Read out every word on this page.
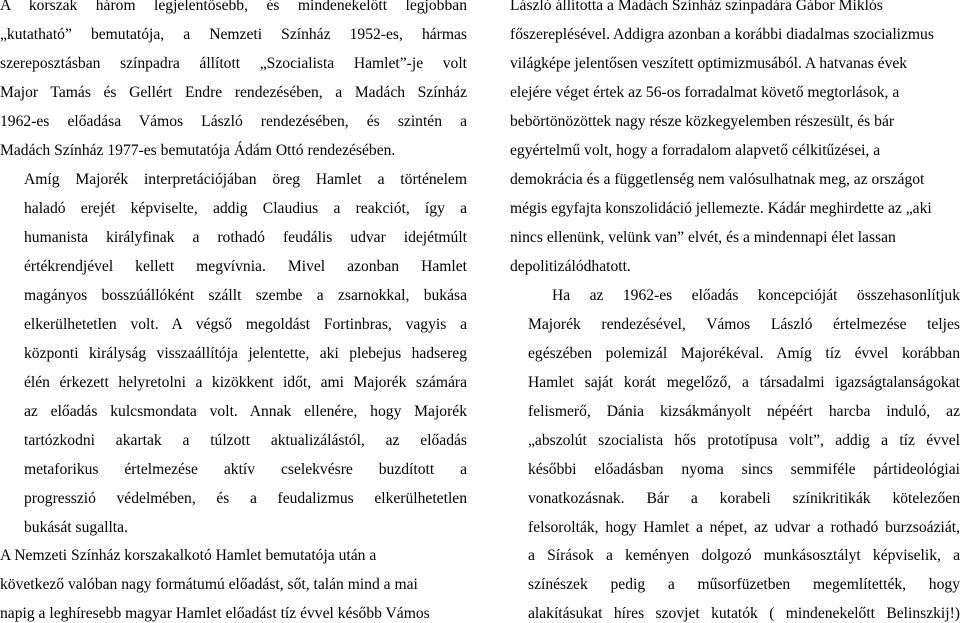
A korszak három legjelentősebb, és mindenekelőtt legjobban
„kutatható” bemutatója, a Nemzeti Színház 1952-es, hármas
szereposztásban színpadra állított „Szocialista Hamlet”-je volt
Major Tamás és Gellért Endre rendezésében, a Madách Színház
1962-es előadása Vámos László rendezésében, és szintén a
Madách Színház 1977-es bemutatója Ádám Ottó rendezésében.
Amíg Majorék interpretációjában öreg Hamlet a történelem
haladó erejét képviselte, addig Claudius a reakciót, így a
humanista királyfinak a rothadó feudális udvar idejétmúlt
értékrendjével kellett megvívnia. Mivel azonban Hamlet
magányos bosszúállóként szállt szembe a zsarnokkal, bukása
elkerülhetetlen volt. A végső megoldást Fortinbras, vagyis a
központi királyság visszaállítója jelentette, aki plebejus hadsereg
élén érkezett helyretolni a kizökkent időt, ami Majorék számára
az előadás kulcsmondata volt. Annak ellenére, hogy Majorék
tartózkodni akartak a túlzott aktualizálástól, az előadás
metaforikus értelmezése aktív cselekvésre buzdított a
progresszió védelmében, és a feudalizmus elkerülhetetlen
bukását sugallta.
A Nemzeti Színház korszakalkotó Hamlet bemutatója után a
következő valóban nagy formátumú előadást, sőt, talán mind a mai
napig a leghíresebb magyar Hamlet előadást tíz évvel később Vámos
László állította a Madách Színház színpadára Gábor Miklós
főszereplésével. Addigra azonban a korábbi diadalmas szocializmus
világképe jelentősen veszített optimizmusából. A hatvanas évek
elejére véget értek az 56-os forradalmat követő megtorlások, a
bebörtönözöttek nagy része közkegyelemben részesült, és bár
egyértelmű volt, hogy a forradalom alapvető célkitűzései, a
demokrácia és a függetlenség nem valósulhatnak meg, az országot
mégis egyfajta konszolidáció jellemezte. Kádár meghirdette az „aki
nincs ellenünk, velünk van” elvét, és a mindennapi élet lassan
depolitizálódhatott.
Ha az 1962-es előadás koncepcióját összehasonlítjuk
Majorék rendezésével, Vámos László értelmezése teljes
egészében polemizál Majorékéval. Amíg tíz évvel korábban
Hamlet saját korát megelőző, a társadalmi igazságtalanságokat
felismerő, Dánia kizsákmányolt népéért harcba induló, az
„abszolút szocialista hős prototípusa volt”, addig a tíz évvel
későbbi előadásban nyoma sincs semmiféle pártideológiai
vonatkozásnak. Bár a korabeli színikritikák kötelezően
felsorolták, hogy Hamlet a népet, az udvar a rothadó burzsoáziát,
a Sírások a keményen dolgozó munkásosztályt képviselik, a
színészek pedig a műsorfüzetben megemlítették, hogy
alakításukat híres szovjet kutatók ( mindenekelőtt Belinszkij!)
